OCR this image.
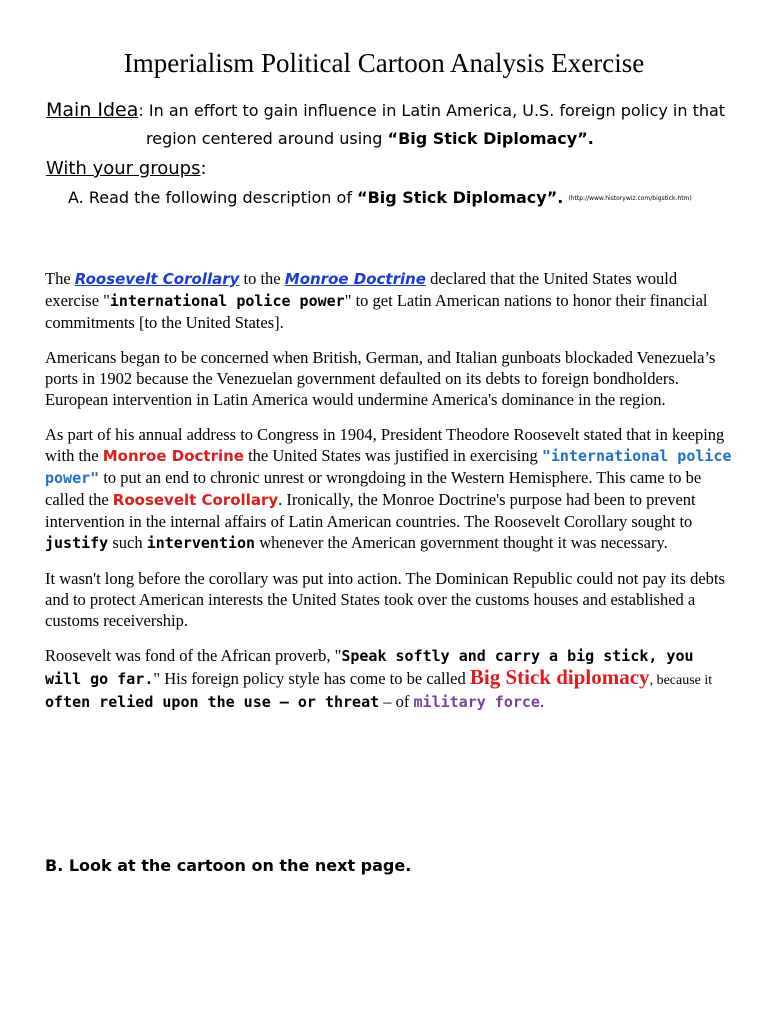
Imperialism Political Cartoon Analysis Exercise
Main Idea: In an effort to gain influence in Latin America, U.S. foreign policy in that
region centered around using “Big Stick Diplomacy”.
With your groups:
A. Read the following description of “Big Stick Diplomacy”. (http://www.historywiz.com/bigstick.htm)

The Roosevelt Corollary to the Monroe Doctrine declared that the United States would exercise "international police power" to get Latin American nations to honor their financial commitments [to the United States].

Americans began to be concerned when British, German, and Italian gunboats blockaded Venezuela’s ports in 1902 because the Venezuelan government defaulted on its debts to foreign bondholders. European intervention in Latin America would undermine America's dominance in the region.

As part of his annual address to Congress in 1904, President Theodore Roosevelt stated that in keeping with the Monroe Doctrine the United States was justified in exercising "international police power" to put an end to chronic unrest or wrongdoing in the Western Hemisphere. This came to be called the Roosevelt Corollary. Ironically, the Monroe Doctrine's purpose had been to prevent intervention in the internal affairs of Latin American countries. The Roosevelt Corollary sought to justify such intervention whenever the American government thought it was necessary.

It wasn't long before the corollary was put into action. The Dominican Republic could not pay its debts and to protect American interests the United States took over the customs houses and established a customs receivership.

Roosevelt was fond of the African proverb, "Speak softly and carry a big stick, you will go far." His foreign policy style has come to be called Big Stick diplomacy, because it often relied upon the use – or threat – of military force.

B. Look at the cartoon on the next page.
